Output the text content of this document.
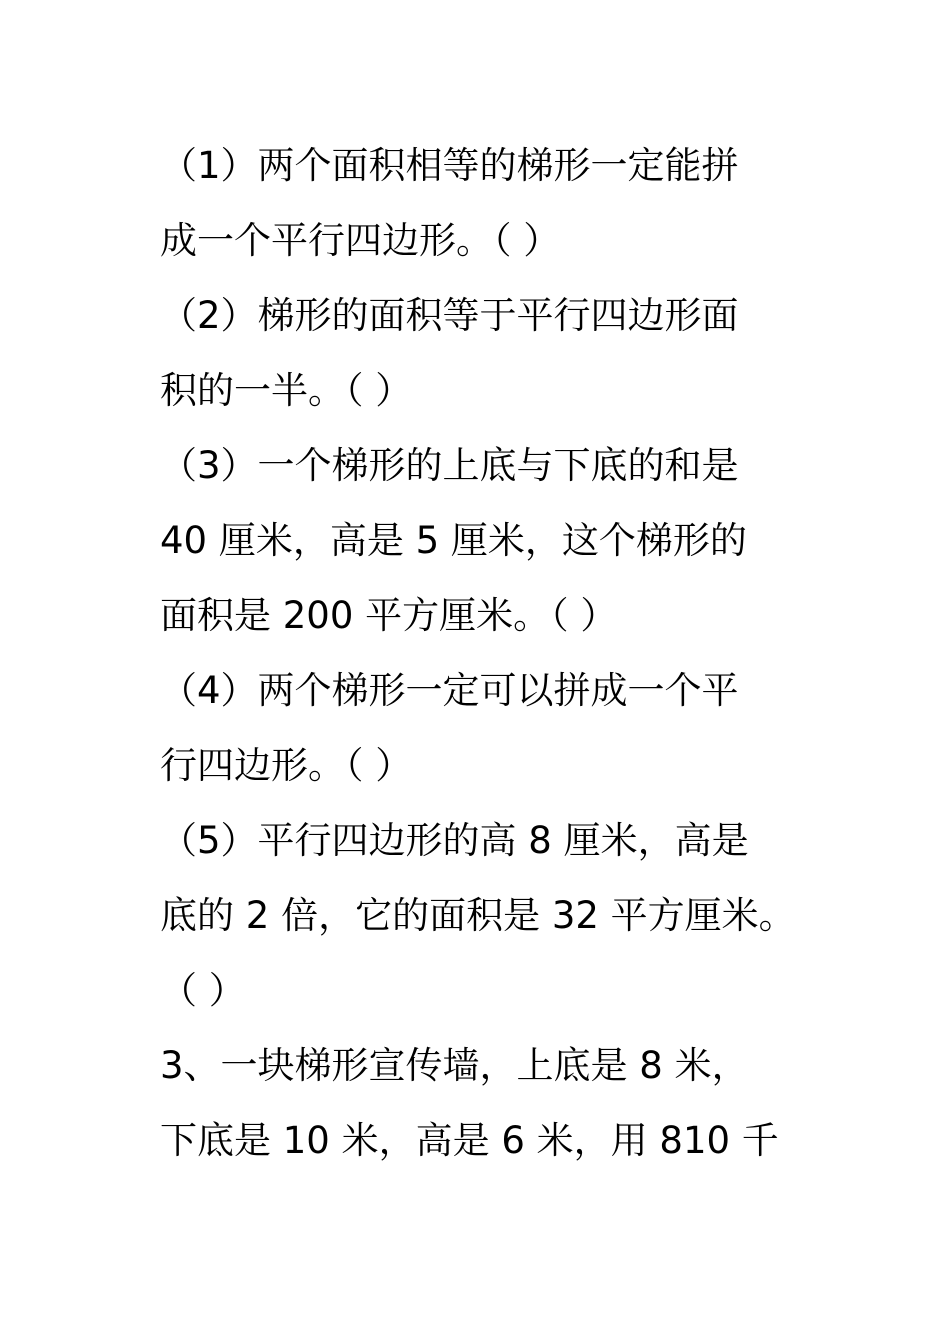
（1）两个面积相等的梯形一定能拼
成一个平行四边形。（ ）
（2）梯形的面积等于平行四边形面
积的一半。（ ）
（3）一个梯形的上底与下底的和是
40 厘米，高是 5 厘米，这个梯形的
面积是 200 平方厘米。（ ）
（4）两个梯形一定可以拼成一个平
行四边形。（ ）
（5）平行四边形的高 8 厘米，高是
底的 2 倍，它的面积是 32 平方厘米。
（ ）
3、一块梯形宣传墙，上底是 8 米，
下底是 10 米，高是 6 米，用 810 千
